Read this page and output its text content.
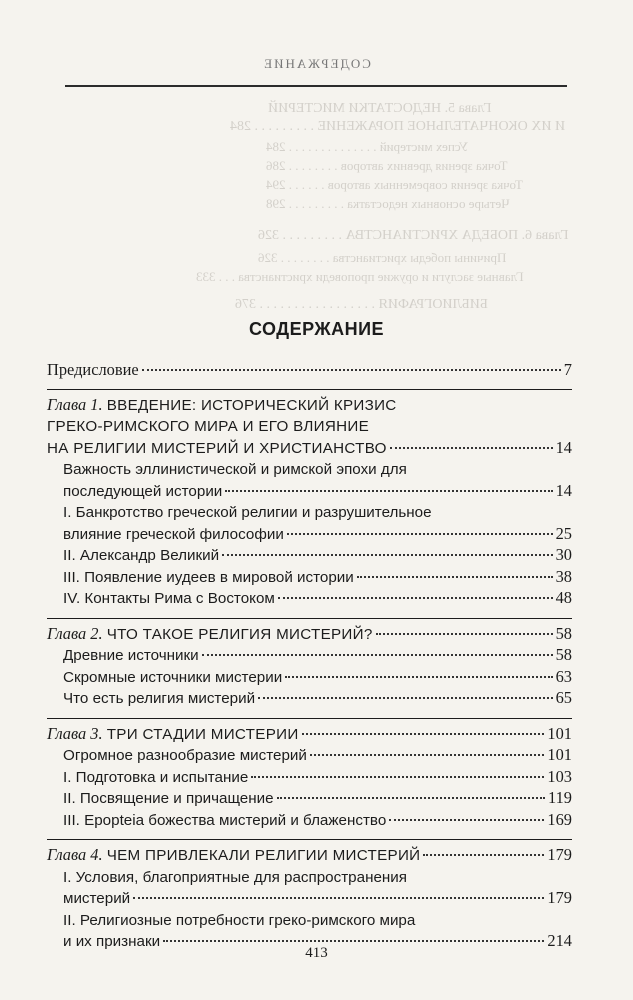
СОДЕРЖАНИЕ
Глава 5. НЕДОСТАТКИ МИСТЕРИЙ
И ИХ ОКОНЧАТЕЛЬНОЕ ПОРАЖЕНИЕ . . . . . . . . . 284
Успех мистерий . . . . . . . . . . . . . . 284
Точка зрения древних авторов . . . . . . . . 286
Точка зрения современных авторов . . . . . . 294
Четыре основных недостатка . . . . . . . . . 298
Глава 6. ПОБЕДА ХРИСТИАНСТВА . . . . . . . . . 326
Причины победы христианства . . . . . . . . 326
Главные заслуги и оружие проповеди христианства . . . 333
БИБЛИОГРАФИЯ . . . . . . . . . . . . . . . . . 376
СОДЕРЖАНИЕ
Предисловие	7
Глава 1. ВВЕДЕНИЕ: ИСТОРИЧЕСКИЙ КРИЗИС
ГРЕКО-РИМСКОГО МИРА И ЕГО ВЛИЯНИЕ
НА РЕЛИГИИ МИСТЕРИЙ И ХРИСТИАНСТВО	14
Важность эллинистической и римской эпохи для
последующей истории	14
I. Банкротство греческой религии и разрушительное
влияние греческой философии	25
II. Александр Великий	30
III. Появление иудеев в мировой истории	38
IV. Контакты Рима с Востоком	48
Глава 2. ЧТО ТАКОЕ РЕЛИГИЯ МИСТЕРИЙ?	58
Древние источники	58
Скромные источники мистерии	63
Что есть религия мистерий	65
Глава 3. ТРИ СТАДИИ МИСТЕРИИ	101
Огромное разнообразие мистерий	101
I. Подготовка и испытание	103
II. Посвящение и причащение	119
III. Epopteia божества мистерий и блаженство	169
Глава 4. ЧЕМ ПРИВЛЕКАЛИ РЕЛИГИИ МИСТЕРИЙ	179
I. Условия, благоприятные для распространения
мистерий	179
II. Религиозные потребности греко-римского мира
и их признаки	214
413
